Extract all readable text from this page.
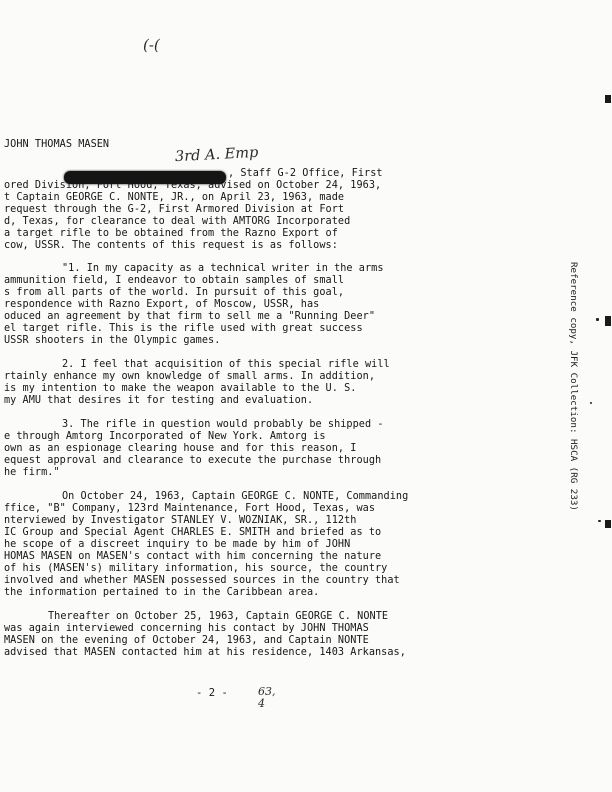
(-(
JOHN THOMAS MASEN
3rd A. Emp
, Staff G-2 Office, First
ored Division, Fort Hood, Texas, advised on October 24, 1963,
t Captain GEORGE C. NONTE, JR., on April 23, 1963, made
request through the G-2, First Armored Division at Fort
d, Texas, for clearance to deal with AMTORG Incorporated
a target rifle to be obtained from the Razno Export of
cow, USSR. The contents of this request is as follows:
"1. In my capacity as a technical writer in the arms
ammunition field, I endeavor to obtain samples of small
s from all parts of the world. In pursuit of this goal,
respondence with Razno Export, of Moscow, USSR, has
oduced an agreement by that firm to sell me a "Running Deer"
el target rifle. This is the rifle used with great success
USSR shooters in the Olympic games.
2. I feel that acquisition of this special rifle will
rtainly enhance my own knowledge of small arms. In addition,
is my intention to make the weapon available to the U. S.
my AMU that desires it for testing and evaluation.
3. The rifle in question would probably be shipped -
e through Amtorg Incorporated of New York. Amtorg is
own as an espionage clearing house and for this reason, I
equest approval and clearance to execute the purchase through
he firm."
On October 24, 1963, Captain GEORGE C. NONTE, Commanding
ffice, "B" Company, 123rd Maintenance, Fort Hood, Texas, was
nterviewed by Investigator STANLEY V. WOZNIAK, SR., 112th
IC Group and Special Agent CHARLES E. SMITH and briefed as to
he scope of a discreet inquiry to be made by him of JOHN
HOMAS MASEN on MASEN's contact with him concerning the nature
of his (MASEN's) military information, his source, the country
involved and whether MASEN possessed sources in the country that
the information pertained to in the Caribbean area.
Thereafter on October 25, 1963, Captain GEORGE C. NONTE
was again interviewed concerning his contact by JOHN THOMAS
MASEN on the evening of October 24, 1963, and Captain NONTE
advised that MASEN contacted him at his residence, 1403 Arkansas,
- 2 -	63,
4
Reference copy, JFK Collection: HSCA (RG 233)
